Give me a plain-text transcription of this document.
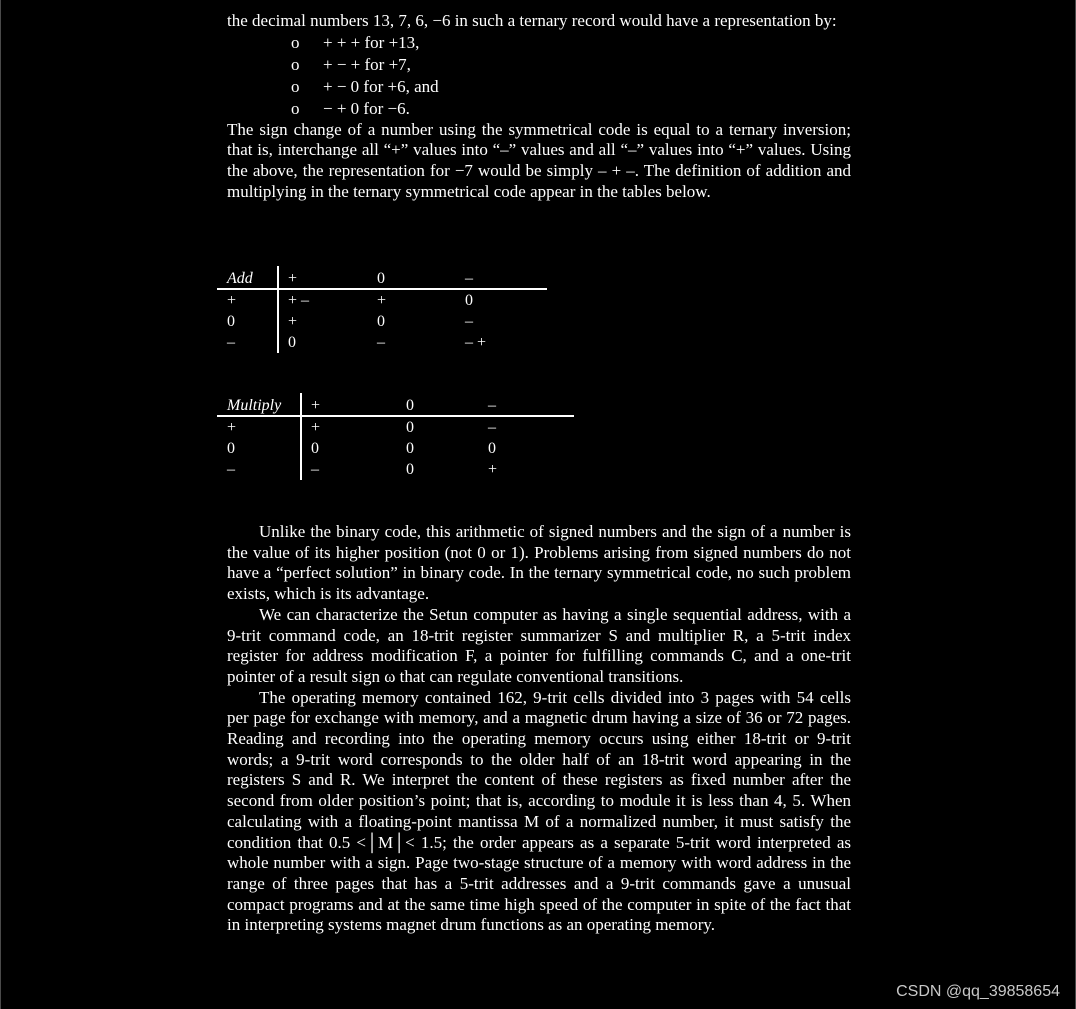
the decimal numbers 13, 7, 6, −6 in such a ternary record would have a representation by:

o + + + for +13,
o + − + for +7,
o + − 0 for +6, and
o − + 0 for −6.

The sign change of a number using the symmetrical code is equal to a ternary inversion; that is, interchange all “+” values into “–” values and all “–” values into “+” values. Using the above, the representation for −7 would be simply – + –. The definition of addition and multiplying in the ternary symmetrical code appear in the tables below.

Add +	0	–
+	+ –	+	0
0	+	0	–
–	0	–	– +
Multiply +	0	–
+	+	0	–
0	0	0	0
–	–	0	+

Unlike the binary code, this arithmetic of signed numbers and the sign of a number is the value of its higher position (not 0 or 1). Problems arising from signed numbers do not have a “perfect solution” in binary code. In the ternary symmetrical code, no such problem exists, which is its advantage.

We can characterize the Setun computer as having a single sequential address, with a 9-trit command code, an 18-trit register summarizer S and multiplier R, a 5-trit index register for address modification F, a pointer for fulfilling commands C, and a one-trit pointer of a result sign ω that can regulate conventional transitions.

The operating memory contained 162, 9-trit cells divided into 3 pages with 54 cells per page for exchange with memory, and a magnetic drum having a size of 36 or 72 pages. Reading and recording into the operating memory occurs using either 18-trit or 9-trit words; a 9-trit word corresponds to the older half of an 18-trit word appearing in the registers S and R. We interpret the content of these registers as fixed number after the second from older position’s point; that is, according to module it is less than 4, 5. When calculating with a floating-point mantissa M of a normalized number, it must satisfy the condition that 0.5 <│M│< 1.5; the order appears as a separate 5-trit word interpreted as whole number with a sign. Page two-stage structure of a memory with word address in the range of three pages that has a 5-trit addresses and a 9-trit commands gave a unusual compact programs and at the same time high speed of the computer in spite of the fact that in interpreting systems magnet drum functions as an operating memory.

CSDN @qq_39858654
